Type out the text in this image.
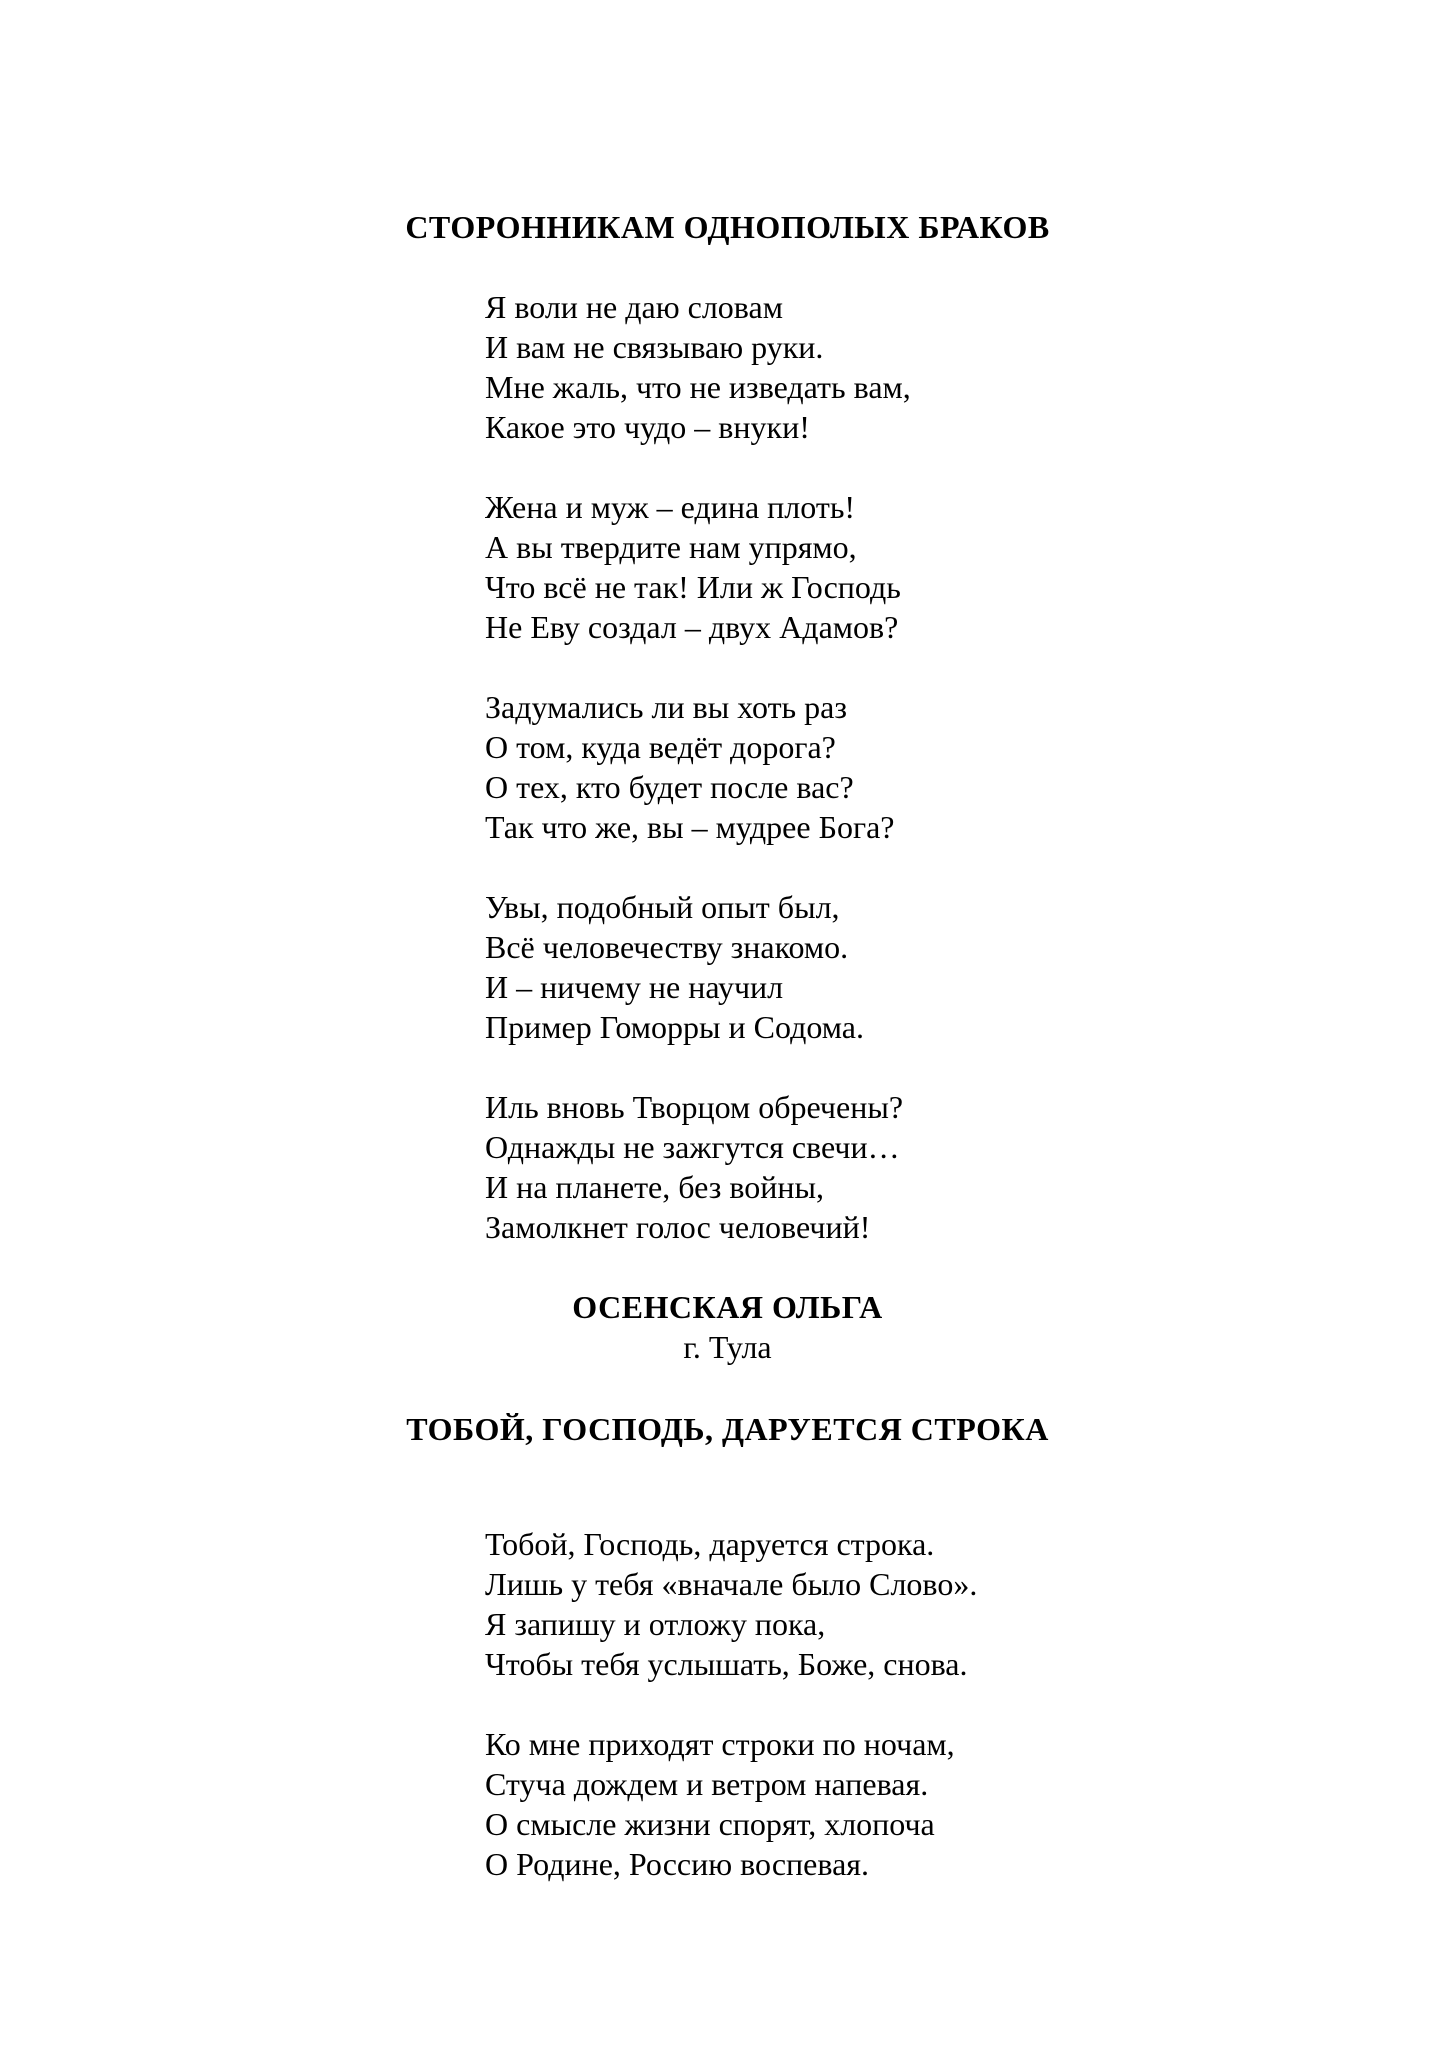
СТОРОННИКАМ ОДНОПОЛЫХ БРАКОВ

Я воли не даю словам

И вам не связываю руки.

Мне жаль, что не изведать вам,

Какое это чудо – внуки!

Жена и муж – едина плоть!

А вы твердите нам упрямо,

Что всё не так! Или ж Господь

Не Еву создал – двух Адамов?

Задумались ли вы хоть раз

О том, куда ведёт дорога?

О тех, кто будет после вас?

Так что же, вы – мудрее Бога?

Увы, подобный опыт был,

Всё человечеству знакомо.

И – ничему не научил

Пример Гоморры и Содома.

Иль вновь Творцом обречены?

Однажды не зажгутся свечи…

И на планете, без войны,

Замолкнет голос человечий!

ОСЕНСКАЯ ОЛЬГА

г. Тула

ТОБОЙ, ГОСПОДЬ, ДАРУЕТСЯ СТРОКА

Тобой, Господь, даруется строка.

Лишь у тебя «вначале было Слово».

Я запишу и отложу пока,

Чтобы тебя услышать, Боже, снова.

Ко мне приходят строки по ночам,

Стуча дождем и ветром напевая.

О смысле жизни спорят, хлопоча

О Родине, Россию воспевая.
